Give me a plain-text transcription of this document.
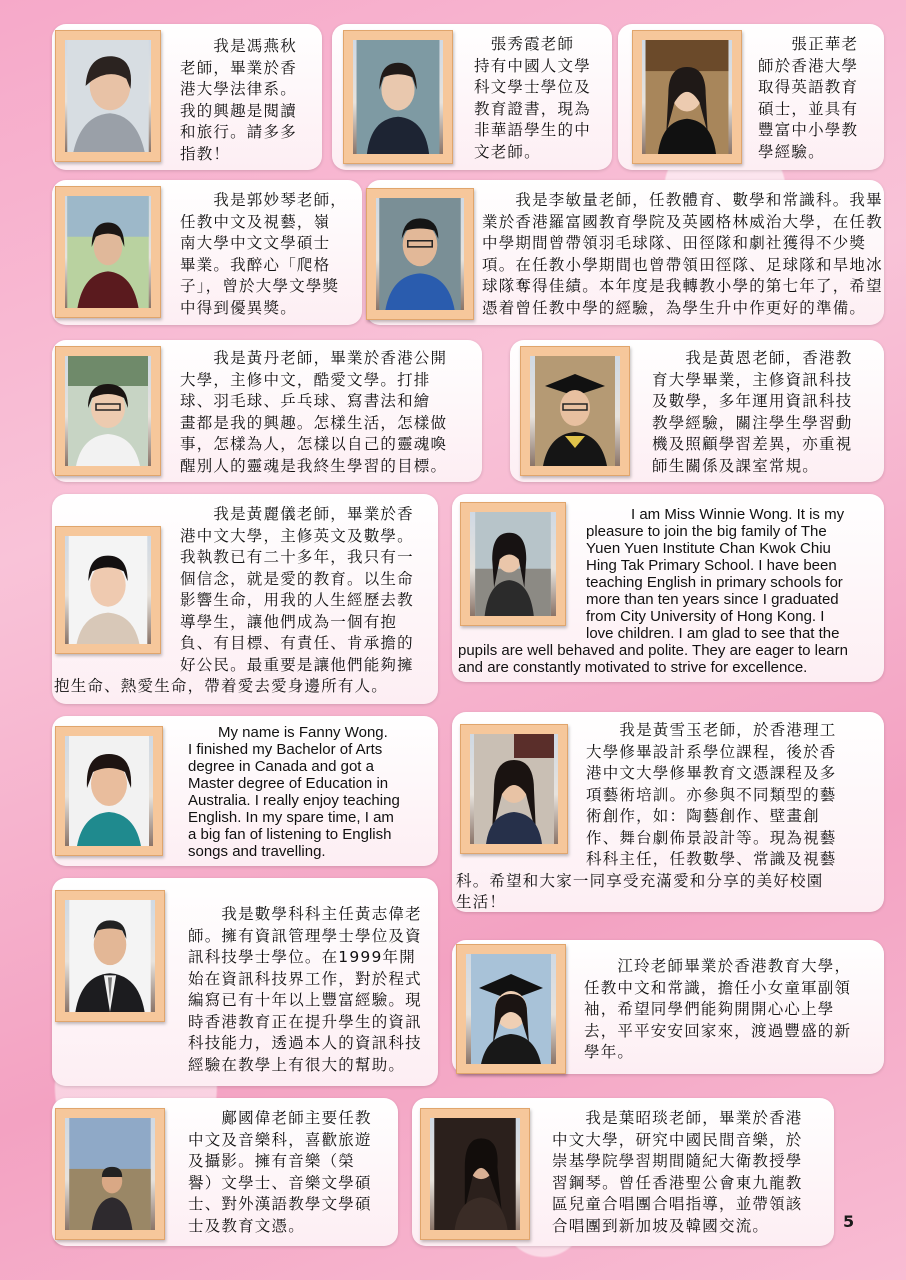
　　我是馮燕秋
老師，畢業於香
港大學法律系。
我的興趣是閱讀
和旅行。請多多
指教！
　張秀霞老師
持有中國人文學
科文學士學位及
教育證書，現為
非華語學生的中
文老師。
　　張正華老
師於香港大學
取得英語教育
碩士，並具有
豐富中小學教
學經驗。
　　我是郭妙琴老師，
任教中文及視藝，嶺
南大學中文文學碩士
畢業。我醉心「爬格
子」，曾於大學文學獎
中得到優異獎。
　　我是李敏量老師，任教體育、數學和常識科。我畢
業於香港羅富國教育學院及英國格林威治大學，在任教
中學期間曾帶領羽毛球隊、田徑隊和劇社獲得不少獎
項。在任教小學期間也曾帶領田徑隊、足球隊和旱地冰
球隊奪得佳績。本年度是我轉教小學的第七年了，希望
憑着曾任教中學的經驗，為學生升中作更好的準備。
　　我是黃丹老師，畢業於香港公開
大學，主修中文，酷愛文學。打排
球、羽毛球、乒乓球、寫書法和繪
畫都是我的興趣。怎樣生活，怎樣做
事，怎樣為人，怎樣以自己的靈魂喚
醒別人的靈魂是我終生學習的目標。
　　我是黃恩老師，香港教
育大學畢業，主修資訊科技
及數學，多年運用資訊科技
教學經驗，關注學生學習動
機及照顧學習差異，亦重視
師生關係及課室常規。
　　我是黃麗儀老師，畢業於香
港中文大學，主修英文及數學。
我執教已有二十多年，我只有一
個信念，就是愛的教育。以生命
影響生命，用我的人生經歷去教
導學生，讓他們成為一個有抱
負、有目標、有責任、肯承擔的
好公民。最重要是讓他們能夠擁
抱生命、熱愛生命，帶着愛去愛身邊所有人。
　　　I am Miss Winnie Wong. It is my
pleasure to join the big family of The
Yuen Yuen Institute Chan Kwok Chiu
Hing Tak Primary School. I have been
teaching English in primary schools for
more than ten years since I graduated
from City University of Hong Kong. I
love children. I am glad to see that the
pupils are well behaved and polite. They are eager to learn
and are constantly motivated to strive for excellence.
　　My name is Fanny Wong.
I finished my Bachelor of Arts
degree in Canada and got a
Master degree of Education in
Australia. I really enjoy teaching
English. In my spare time, I am
a big fan of listening to English
songs and travelling.
　　我是黃雪玉老師，於香港理工
大學修畢設計系學位課程，後於香
港中文大學修畢教育文憑課程及多
項藝術培訓。亦參與不同類型的藝
術創作，如：陶藝創作、壁畫創
作、舞台劇佈景設計等。現為視藝
科科主任，任教數學、常識及視藝
科。希望和大家一同享受充滿愛和分享的美好校園
生活！
　　我是數學科科主任黃志偉老
師。擁有資訊管理學士學位及資
訊科技學士學位。在1999年開
始在資訊科技界工作，對於程式
編寫已有十年以上豐富經驗。現
時香港教育正在提升學生的資訊
科技能力，透過本人的資訊科技
經驗在教學上有很大的幫助。
　　江玲老師畢業於香港教育大學，
任教中文和常識，擔任小女童軍副領
袖，希望同學們能夠開開心心上學
去，平平安安回家來，渡過豐盛的新
學年。
　　鄺國偉老師主要任教
中文及音樂科，喜歡旅遊
及攝影。擁有音樂（榮
譽）文學士、音樂文學碩
士、對外漢語教學文學碩
士及教育文憑。
　　我是葉昭琰老師，畢業於香港
中文大學，研究中國民間音樂，於
崇基學院學習期間隨紀大衛教授學
習鋼琴。曾任香港聖公會東九龍教
區兒童合唱團合唱指導，並帶領該
合唱團到新加坡及韓國交流。	5
